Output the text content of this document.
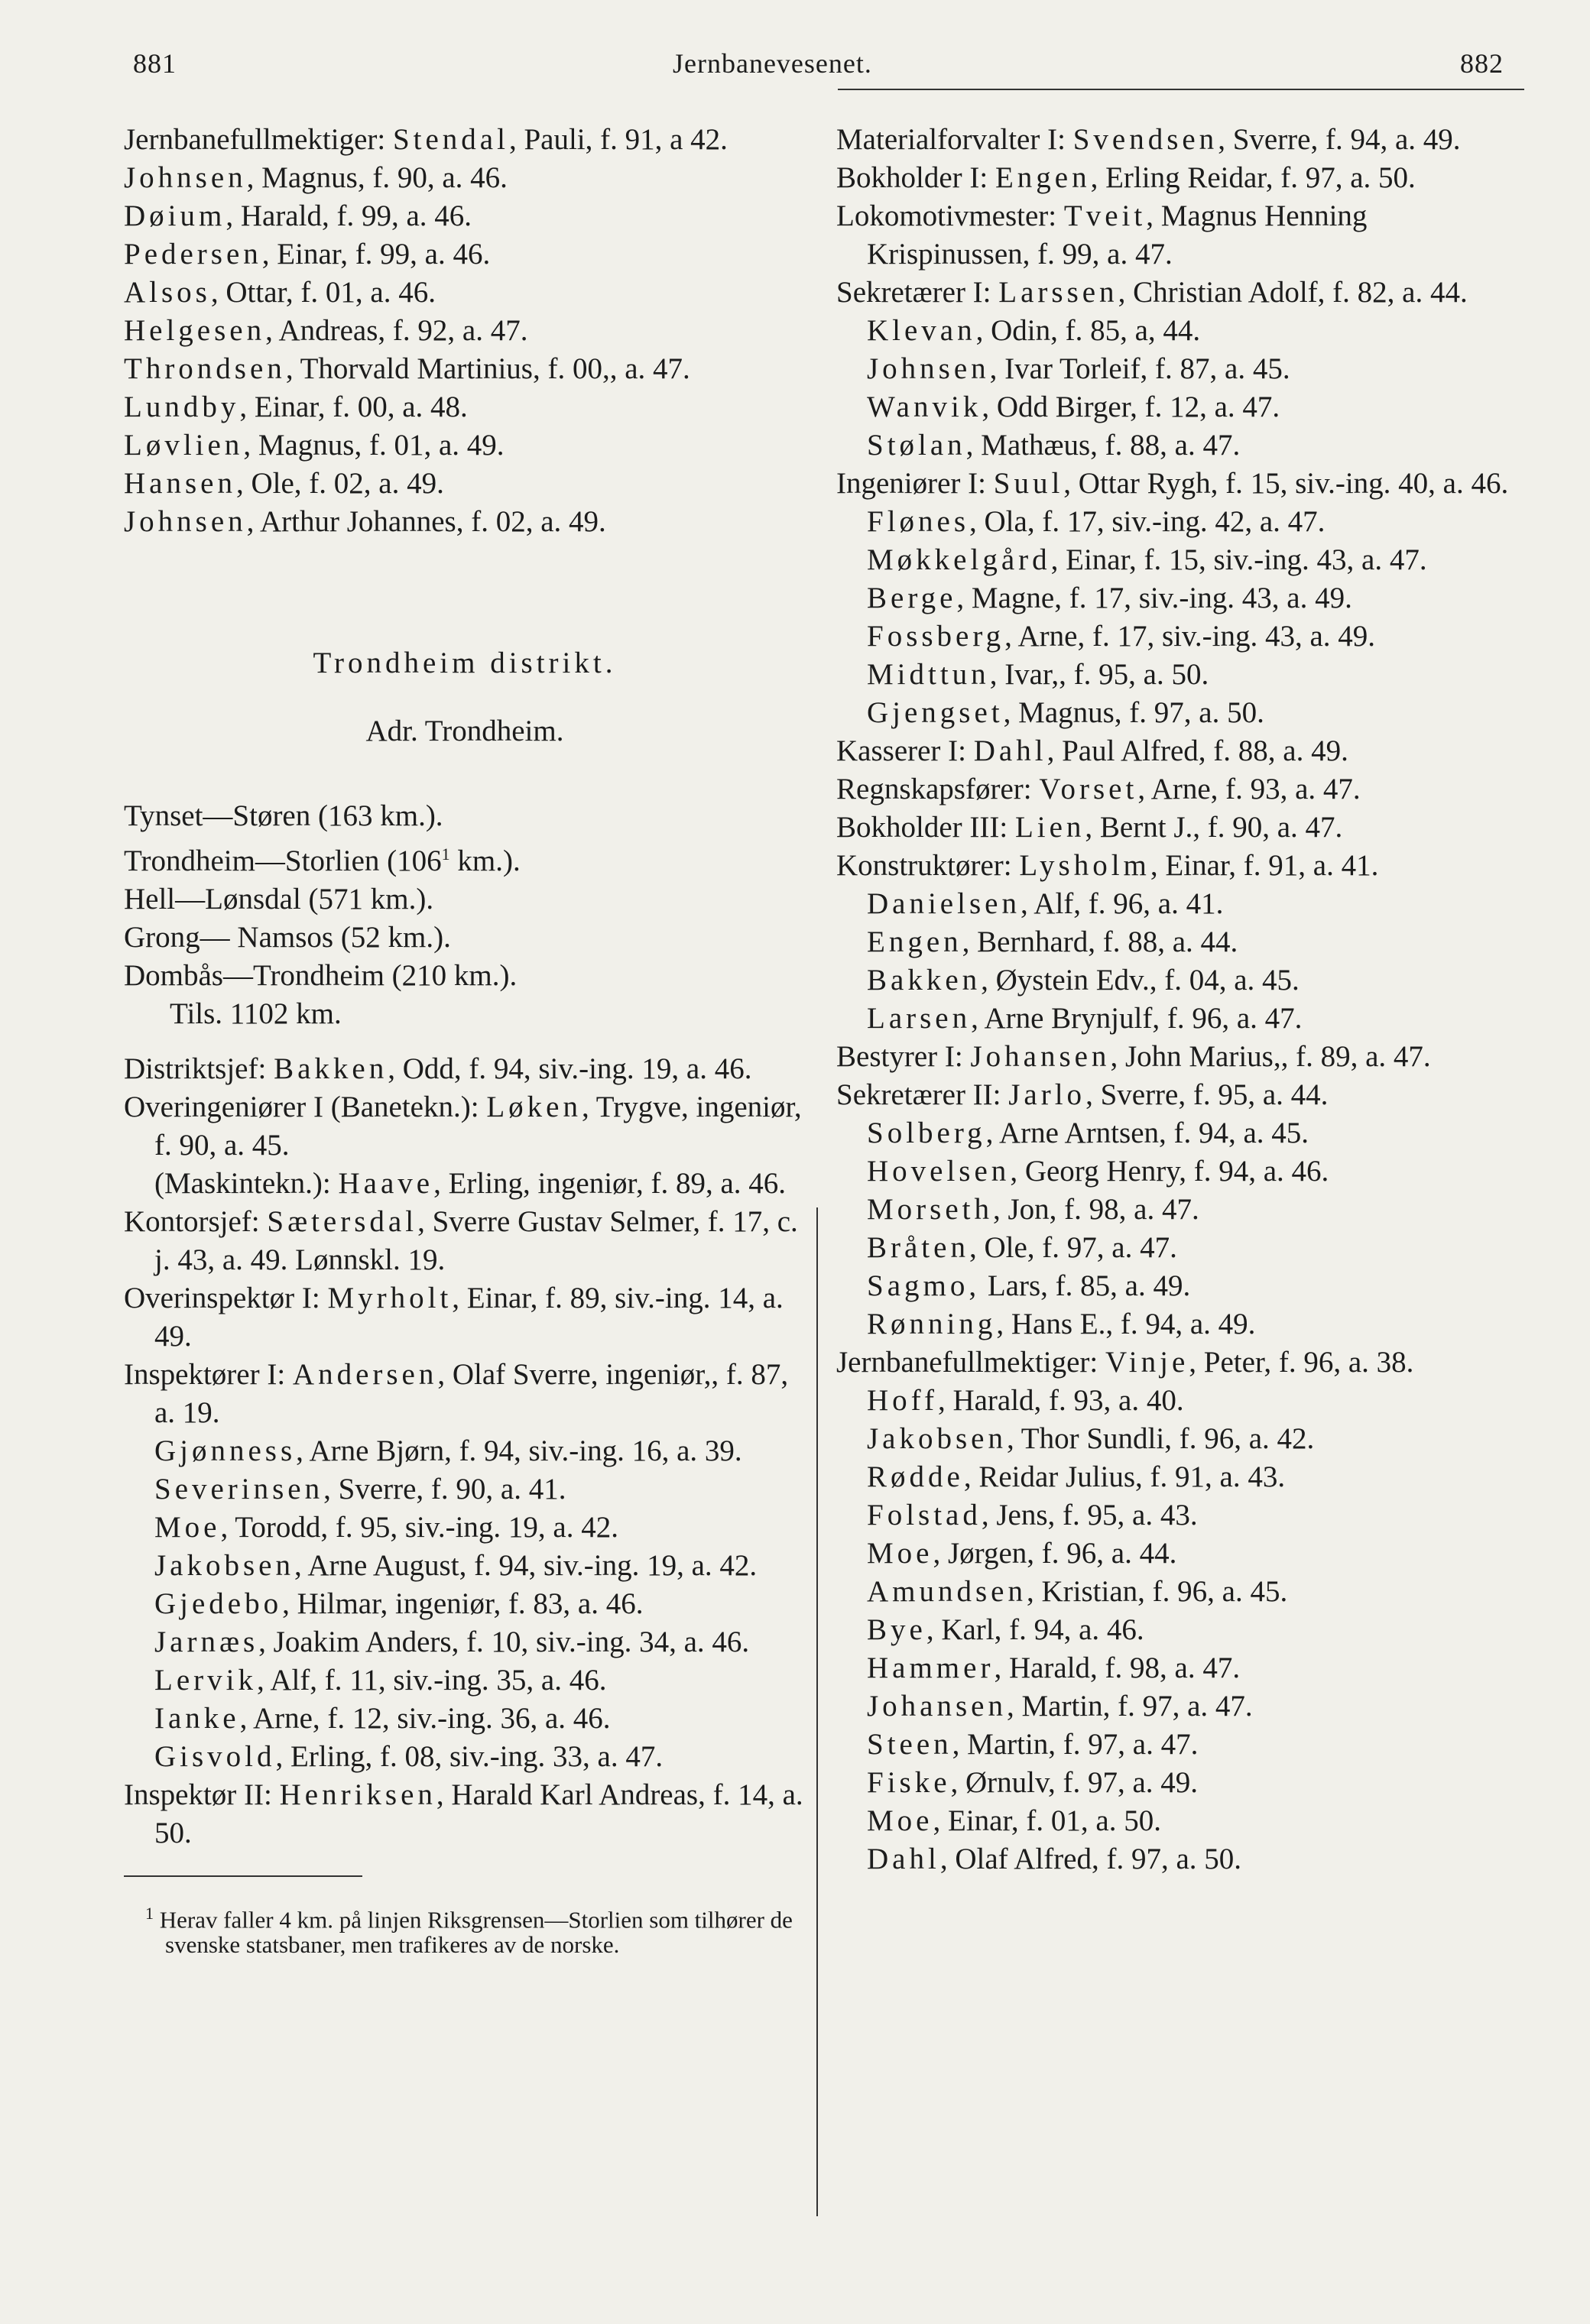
881	Jernbanevesenet.	882

Jernbanefullmektiger: Stendal, Pauli, f. 91, a 42.

Johnsen, Magnus, f. 90, a. 46.

Døium, Harald, f. 99, a. 46.

Pedersen, Einar, f. 99, a. 46.

Alsos, Ottar, f. 01, a. 46.

Helgesen, Andreas, f. 92, a. 47.

Throndsen, Thorvald Martinius, f. 00,, a. 47.

Lundby, Einar, f. 00, a. 48.

Løvlien, Magnus, f. 01, a. 49.

Hansen, Ole, f. 02, a. 49.

Johnsen, Arthur Johannes, f. 02, a. 49.

Trondheim distrikt.

Adr. Trondheim.

Tynset—Støren (163 km.).

Trondheim—Storlien ($106^1$ km.).

Hell—Lønsdal (571 km.).

Grong— Namsos (52 km.).

Dombås—Trondheim (210 km.).

Tils. 1102 km.

Distriktsjef: Bakken, Odd, f. 94, siv.-ing. 19, a. 46.

Overingeniører I (Banetekn.): Løken, Trygve, ingeniør, f. 90, a. 45.

(Maskintekn.): Haave, Erling, ingeniør, f. 89, a. 46.

Kontorsjef: Sætersdal, Sverre Gustav Selmer, f. 17, c. j. 43, a. 49. Lønnskl. 19.

Overinspektør I: Myrholt, Einar, f. 89, siv.-ing. 14, a. 49.

Inspektører I: Andersen, Olaf Sverre, ingeniør,, f. 87, a. 19.

Gjønness, Arne Bjørn, f. 94, siv.-ing. 16, a. 39.

Severinsen, Sverre, f. 90, a. 41.

Moe, Torodd, f. 95, siv.-ing. 19, a. 42.

Jakobsen, Arne August, f. 94, siv.-ing. 19, a. 42.

Gjedebo, Hilmar, ingeniør, f. 83, a. 46.

Jarnæs, Joakim Anders, f. 10, siv.-ing. 34, a. 46.

Lervik, Alf, f. 11, siv.-ing. 35, a. 46.

Ianke, Arne, f. 12, siv.-ing. 36, a. 46.

Gisvold, Erling, f. 08, siv.-ing. 33, a. 47.

Inspektør II: Henriksen, Harald Karl Andreas, f. 14, a. 50.

$^1$ Herav faller 4 km. på linjen Riksgrensen—Storlien som tilhører de svenske statsbaner, men trafikeres av de norske.

Materialforvalter I: Svendsen, Sverre, f. 94, a. 49.

Bokholder I: Engen, Erling Reidar, f. 97, a. 50.

Lokomotivmester: Tveit, Magnus Henning Krispinussen, f. 99, a. 47.

Sekretærer I: Larssen, Christian Adolf, f. 82, a. 44.

Klevan, Odin, f. 85, a, 44.

Johnsen, Ivar Torleif, f. 87, a. 45.

Wanvik, Odd Birger, f. 12, a. 47.

Stølan, Mathæus, f. 88, a. 47.

Ingeniører I: Suul, Ottar Rygh, f. 15, siv.-ing. 40, a. 46.

Flønes, Ola, f. 17, siv.-ing. 42, a. 47.

Møkkelgård, Einar, f. 15, siv.-ing. 43, a. 47.

Berge, Magne, f. 17, siv.-ing. 43, a. 49.

Fossberg, Arne, f. 17, siv.-ing. 43, a. 49.

Midttun, Ivar,, f. 95, a. 50.

Gjengset, Magnus, f. 97, a. 50.

Kasserer I: Dahl, Paul Alfred, f. 88, a. 49.

Regnskapsfører: Vorset, Arne, f. 93, a. 47.

Bokholder III: Lien, Bernt J., f. 90, a. 47.

Konstruktører: Lysholm, Einar, f. 91, a. 41.

Danielsen, Alf, f. 96, a. 41.

Engen, Bernhard, f. 88, a. 44.

Bakken, Øystein Edv., f. 04, a. 45.

Larsen, Arne Brynjulf, f. 96, a. 47.

Bestyrer I: Johansen, John Marius,, f. 89, a. 47.

Sekretærer II: Jarlo, Sverre, f. 95, a. 44.

Solberg, Arne Arntsen, f. 94, a. 45.

Hovelsen, Georg Henry, f. 94, a. 46.

Morseth, Jon, f. 98, a. 47.

Bråten, Ole, f. 97, a. 47.

Sagmo, Lars, f. 85, a. 49.

Rønning, Hans E., f. 94, a. 49.

Jernbanefullmektiger: Vinje, Peter, f. 96, a. 38.

Hoff, Harald, f. 93, a. 40.

Jakobsen, Thor Sundli, f. 96, a. 42.

Rødde, Reidar Julius, f. 91, a. 43.

Folstad, Jens, f. 95, a. 43.

Moe, Jørgen, f. 96, a. 44.

Amundsen, Kristian, f. 96, a. 45.

Bye, Karl, f. 94, a. 46.

Hammer, Harald, f. 98, a. 47.

Johansen, Martin, f. 97, a. 47.

Steen, Martin, f. 97, a. 47.

Fiske, Ørnulv, f. 97, a. 49.

Moe, Einar, f. 01, a. 50.

Dahl, Olaf Alfred, f. 97, a. 50.
